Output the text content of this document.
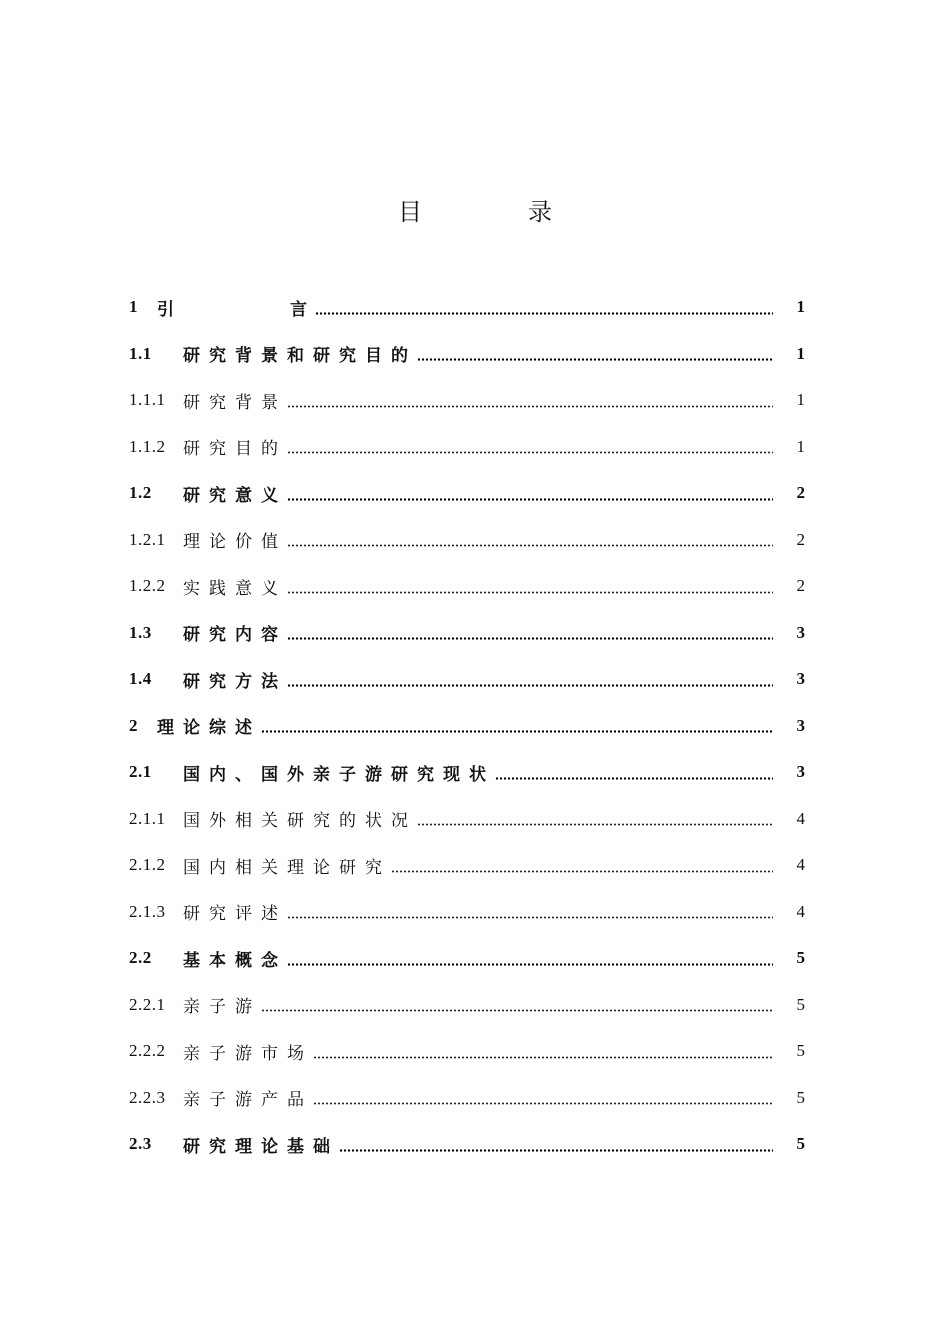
目	录
1	引	言	1
1.1	研究背景和研究目的	1
1.1.1	研究背景	1
1.1.2	研究目的	1
1.2	研究意义	2
1.2.1	理论价值	2
1.2.2	实践意义	2
1.3	研究内容	3
1.4	研究方法	3
2	理论综述	3
2.1	国内、国外亲子游研究现状	3
2.1.1	国外相关研究的状况	4
2.1.2	国内相关理论研究	4
2.1.3	研究评述	4
2.2	基本概念	5
2.2.1	亲子游	5
2.2.2	亲子游市场	5
2.2.3	亲子游产品	5
2.3	研究理论基础	5
